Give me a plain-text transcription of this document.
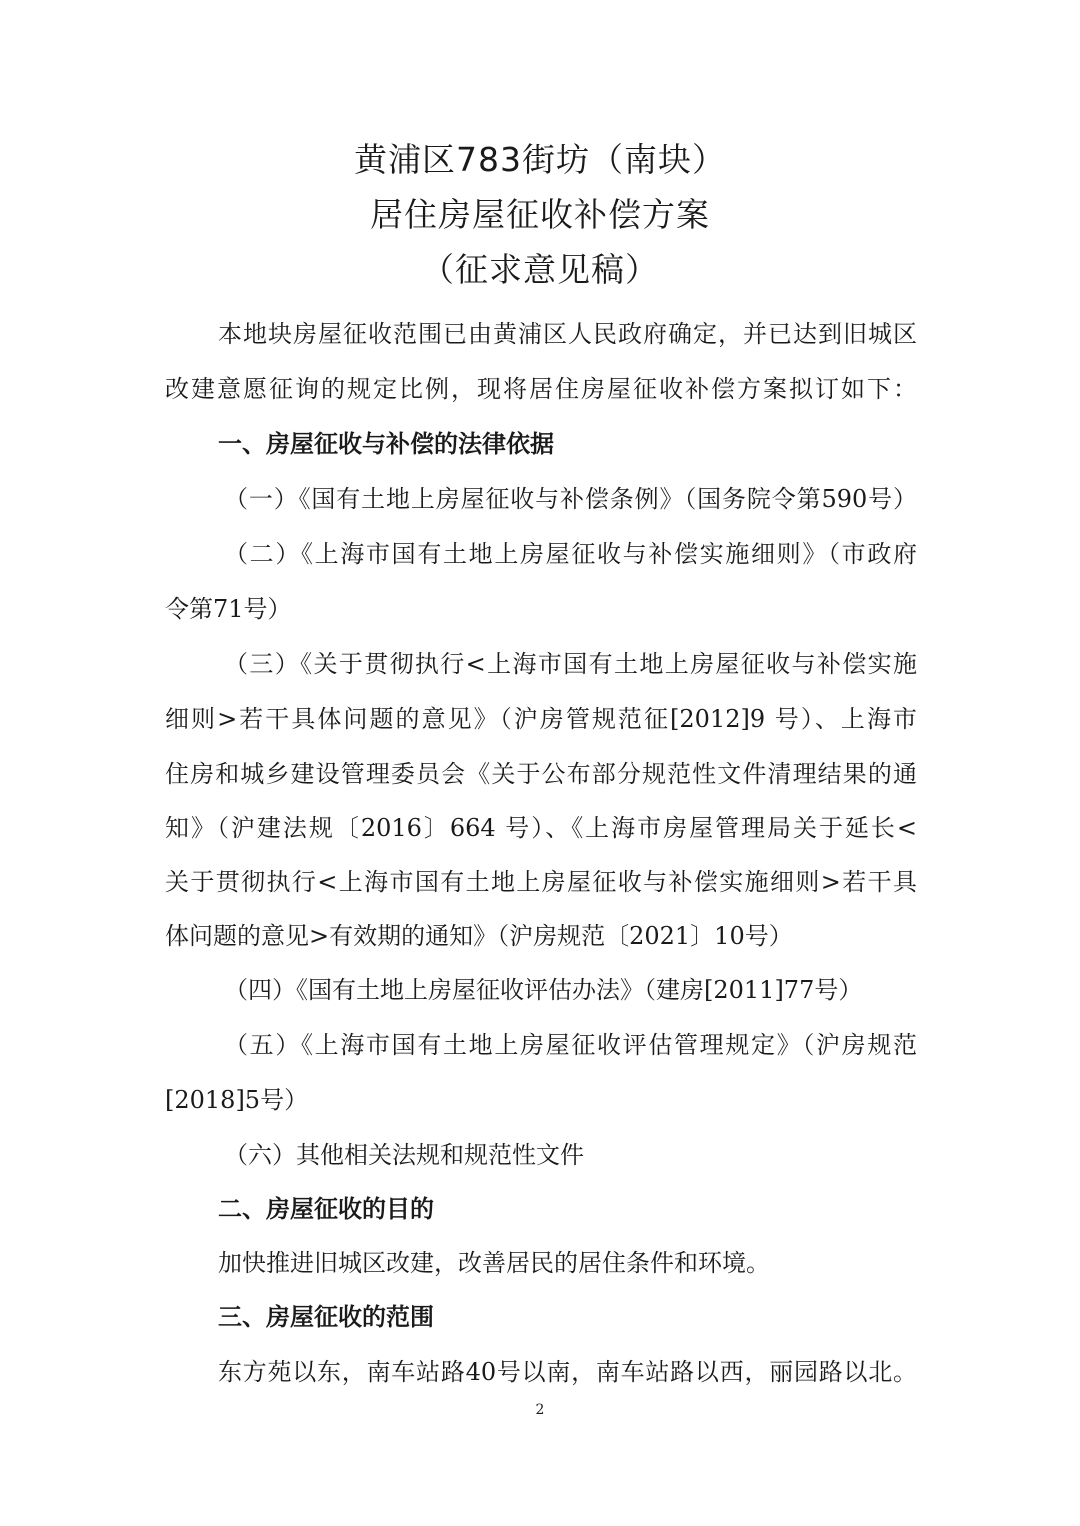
黄浦区783街坊（南块）
居住房屋征收补偿方案
（征求意见稿）
本地块房屋征收范围已由黄浦区人民政府确定，并已达到旧城区
改建意愿征询的规定比例，现将居住房屋征收补偿方案拟订如下：
一、房屋征收与补偿的法律依据
（一）《国有土地上房屋征收与补偿条例》（国务院令第590号）
（二）《上海市国有土地上房屋征收与补偿实施细则》（市政府
令第71号）
（三）《关于贯彻执行<上海市国有土地上房屋征收与补偿实施
细则>若干具体问题的意见》（沪房管规范征[2012]9 号）、上海市
住房和城乡建设管理委员会《关于公布部分规范性文件清理结果的通
知》（沪建法规〔2016〕664 号）、《上海市房屋管理局关于延长<
关于贯彻执行<上海市国有土地上房屋征收与补偿实施细则>若干具
体问题的意见>有效期的通知》（沪房规范〔2021〕10号）
（四）《国有土地上房屋征收评估办法》（建房[2011]77号）
（五）《上海市国有土地上房屋征收评估管理规定》（沪房规范
[2018]5号）
（六）其他相关法规和规范性文件
二、房屋征收的目的
加快推进旧城区改建，改善居民的居住条件和环境。
三、房屋征收的范围
东方苑以东，南车站路40号以南，南车站路以西，丽园路以北。
2
